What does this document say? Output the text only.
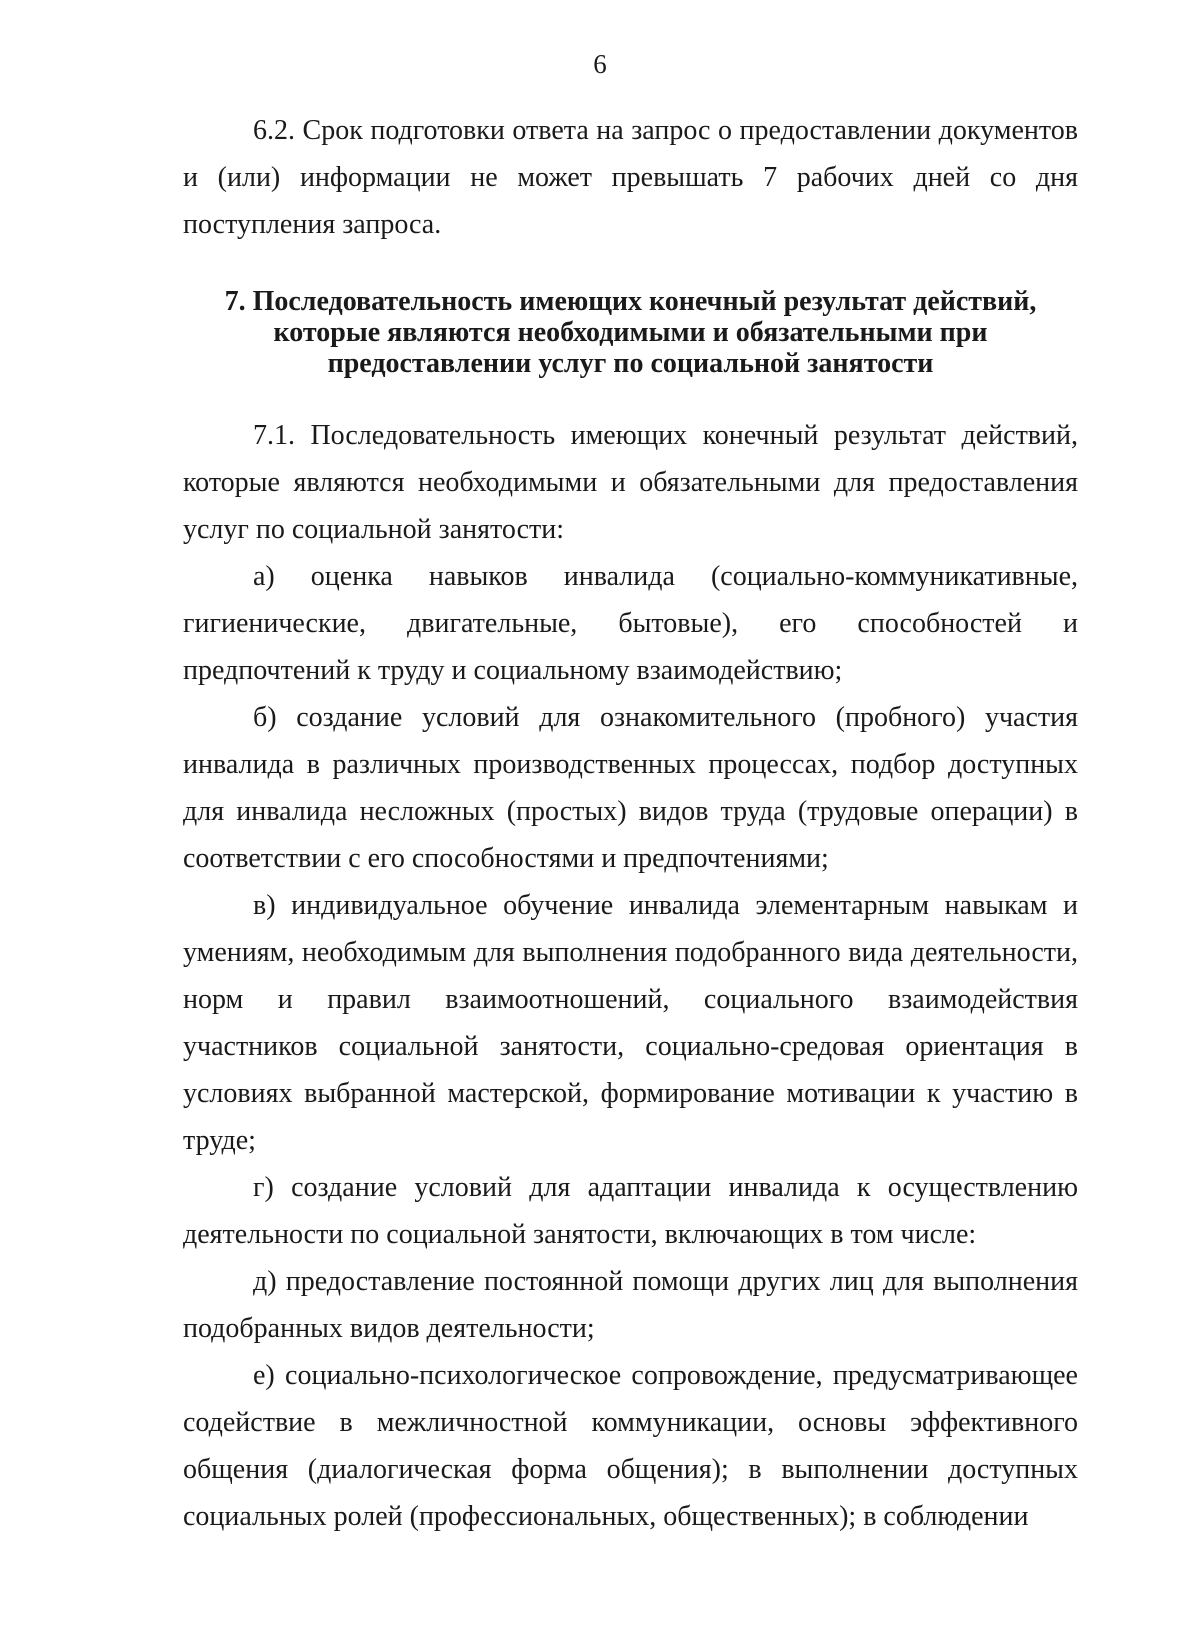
6

6.2. Срок подготовки ответа на запрос о предоставлении документов и (или) информации не может превышать 7 рабочих дней со дня поступления запроса.

7. Последовательность имеющих конечный результат действий, которые являются необходимыми и обязательными при предоставлении услуг по социальной занятости

7.1. Последовательность имеющих конечный результат действий, которые являются необходимыми и обязательными для предоставления услуг по социальной занятости:

а) оценка навыков инвалида (социально-коммуникативные, гигиенические, двигательные, бытовые), его способностей и предпочтений к труду и социальному взаимодействию;

б) создание условий для ознакомительного (пробного) участия инвалида в различных производственных процессах, подбор доступных для инвалида несложных (простых) видов труда (трудовые операции) в соответствии с его способностями и предпочтениями;

в) индивидуальное обучение инвалида элементарным навыкам и умениям, необходимым для выполнения подобранного вида деятельности, норм и правил взаимоотношений, социального взаимодействия участников социальной занятости, социально-средовая ориентация в условиях выбранной мастерской, формирование мотивации к участию в труде;

г) создание условий для адаптации инвалида к осуществлению деятельности по социальной занятости, включающих в том числе:

д) предоставление постоянной помощи других лиц для выполнения подобранных видов деятельности;

е) социально-психологическое сопровождение, предусматривающее содействие в межличностной коммуникации, основы эффективного общения (диалогическая форма общения); в выполнении доступных социальных ролей (профессиональных, общественных); в соблюдении
